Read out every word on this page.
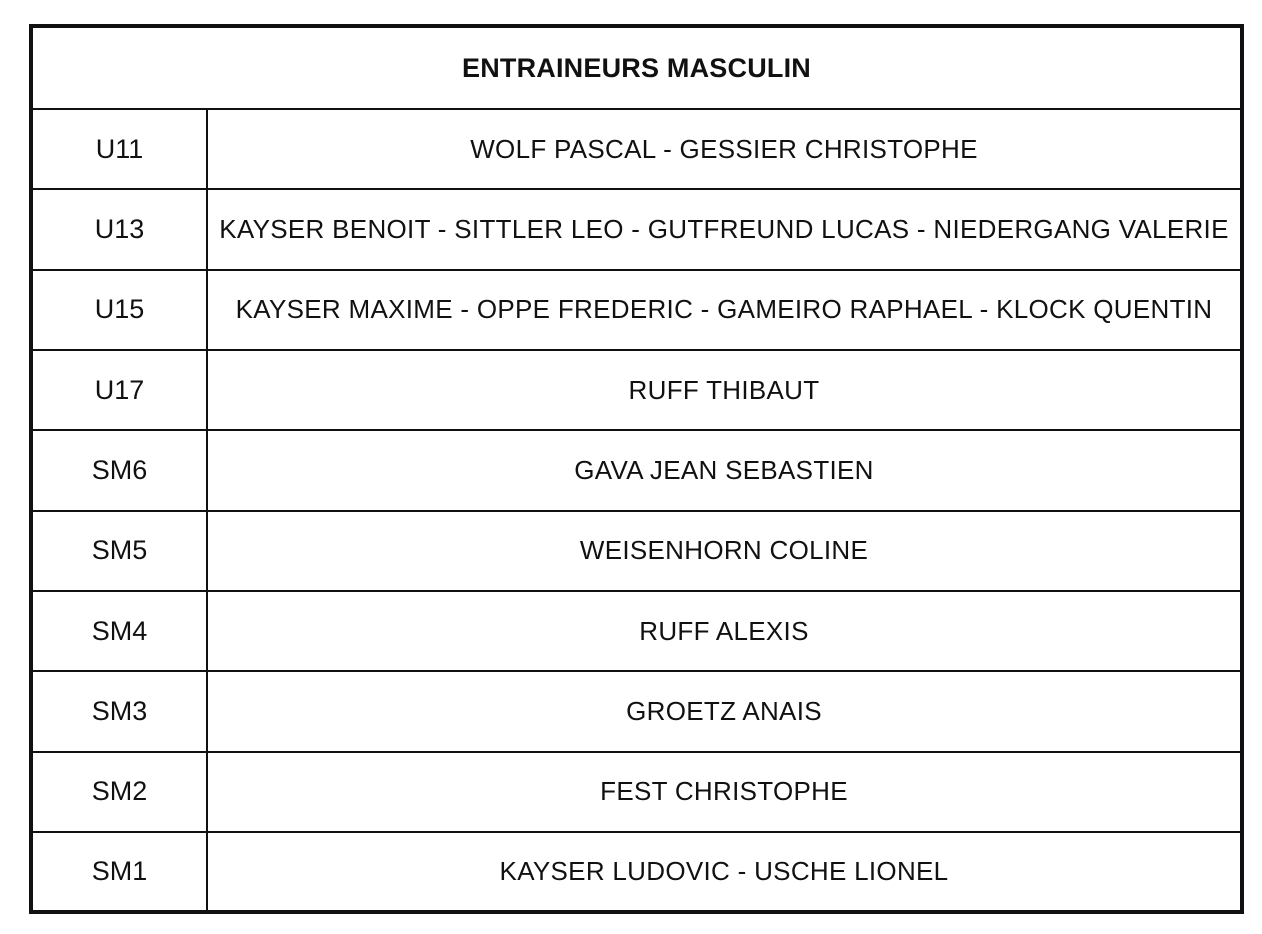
ENTRAINEURS MASCULIN	
U11	WOLF PASCAL - GESSIER CHRISTOPHE
U13	KAYSER BENOIT - SITTLER LEO - GUTFREUND LUCAS - NIEDERGANG VALERIE
U15	KAYSER MAXIME - OPPE FREDERIC - GAMEIRO RAPHAEL - KLOCK QUENTIN
U17	RUFF THIBAUT
SM6	GAVA JEAN SEBASTIEN
SM5	WEISENHORN COLINE
SM4	RUFF ALEXIS
SM3	GROETZ ANAIS
SM2	FEST CHRISTOPHE
SM1	KAYSER LUDOVIC - USCHE LIONEL
